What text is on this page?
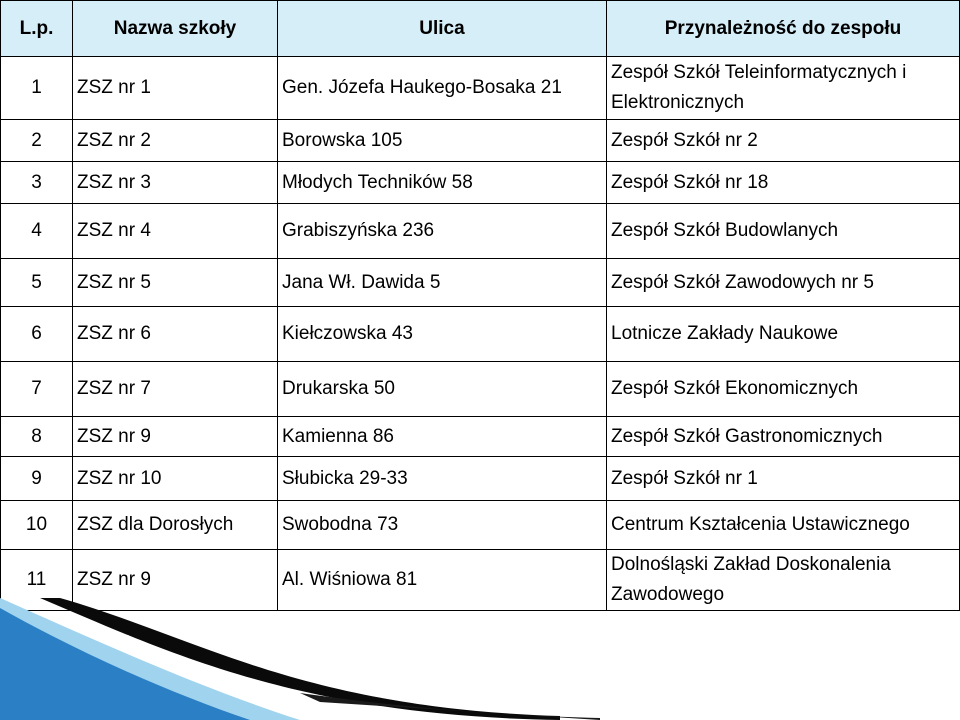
L.p.	Nazwa szkoły	Ulica	Przynależność do zespołu
1	ZSZ nr 1	Gen. Józefa Haukego-Bosaka 21	Zespół Szkół Teleinformatycznych i Elektronicznych
2	ZSZ nr 2	Borowska 105	Zespół Szkół nr 2
3	ZSZ nr 3	Młodych Techników 58	Zespół Szkół nr 18
4	ZSZ nr 4	Grabiszyńska 236	Zespół Szkół Budowlanych
5	ZSZ nr 5	Jana Wł. Dawida 5	Zespół Szkół Zawodowych nr 5
6	ZSZ nr 6	Kiełczowska 43	Lotnicze Zakłady Naukowe
7	ZSZ nr 7	Drukarska 50	Zespół Szkół Ekonomicznych
8	ZSZ nr 9	Kamienna 86	Zespół Szkół Gastronomicznych
9	ZSZ nr 10	Słubicka 29-33	Zespół Szkół nr 1
10	ZSZ dla Dorosłych	Swobodna 73	Centrum Kształcenia Ustawicznego
11	ZSZ nr 9	Al. Wiśniowa 81	Dolnośląski Zakład Doskonalenia Zawodowego
